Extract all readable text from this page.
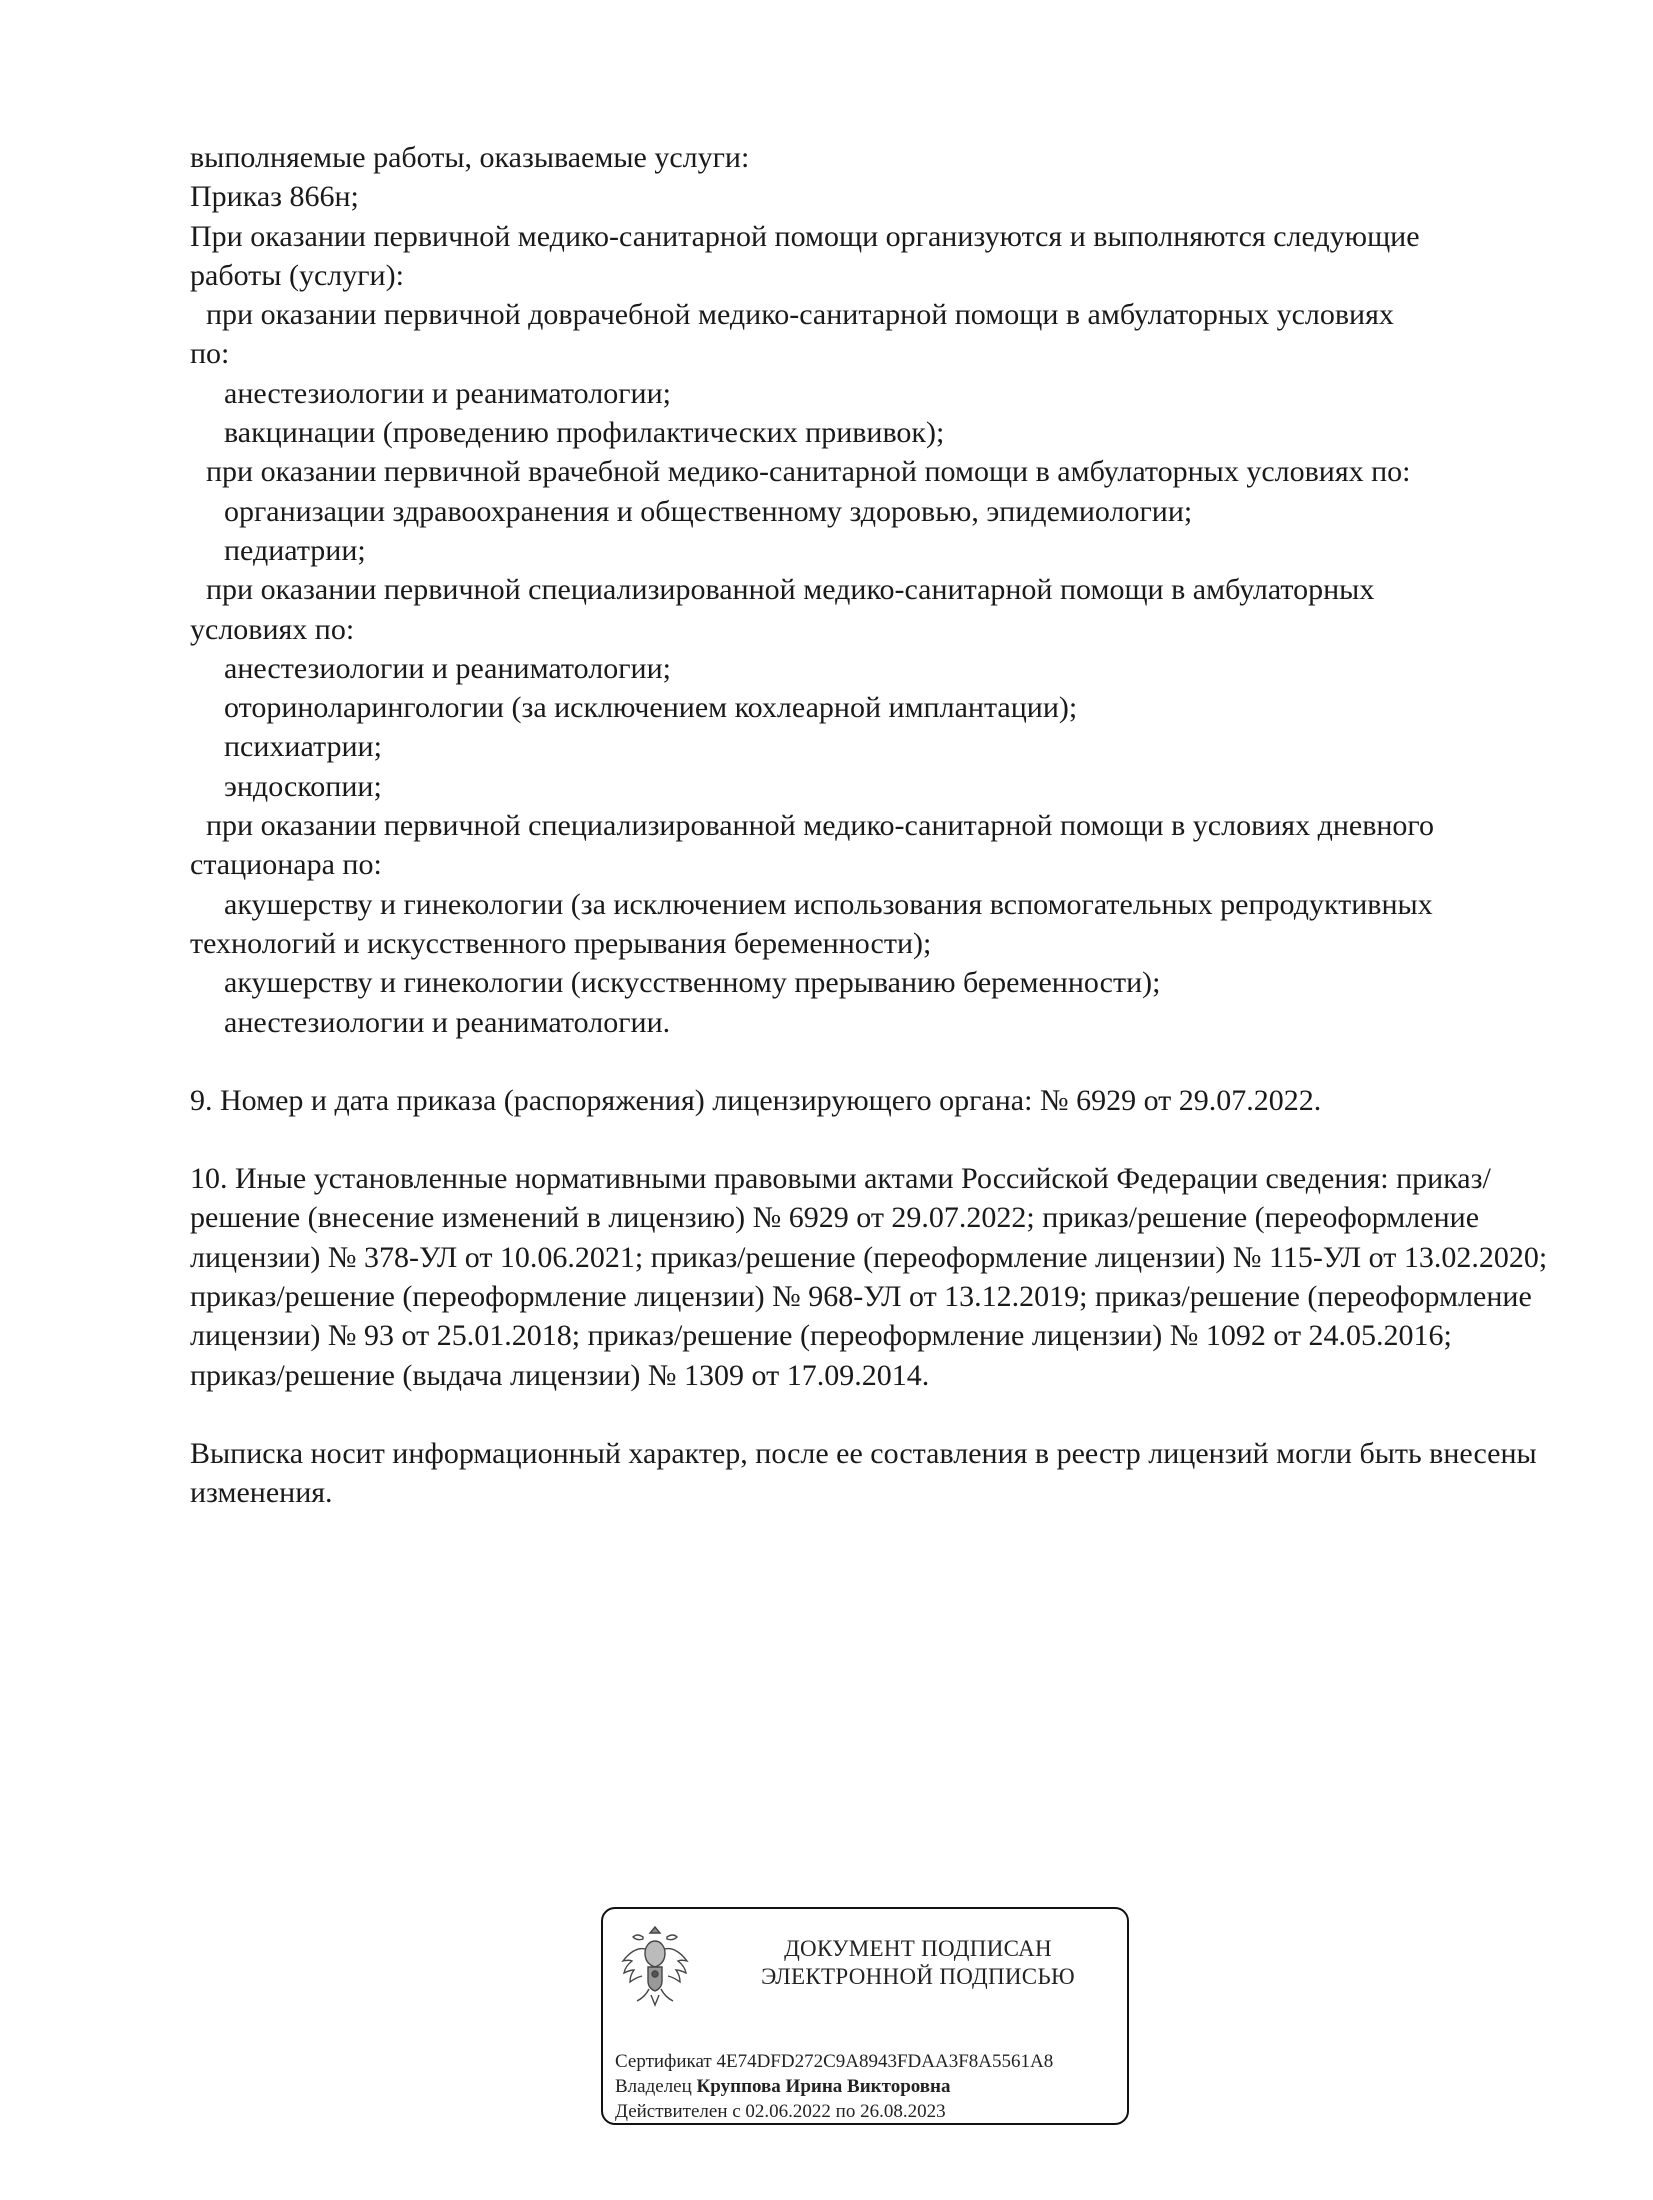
выполняемые работы, оказываемые услуги:
Приказ 866н;
При оказании первичной медико-санитарной помощи организуются и выполняются следующие
работы (услуги):
при оказании первичной доврачебной медико-санитарной помощи в амбулаторных условиях
по:
анестезиологии и реаниматологии;
вакцинации (проведению профилактических прививок);
при оказании первичной врачебной медико-санитарной помощи в амбулаторных условиях по:
организации здравоохранения и общественному здоровью, эпидемиологии;
педиатрии;
при оказании первичной специализированной медико-санитарной помощи в амбулаторных
условиях по:
анестезиологии и реаниматологии;
оториноларингологии (за исключением кохлеарной имплантации);
психиатрии;
эндоскопии;
при оказании первичной специализированной медико-санитарной помощи в условиях дневного
стационара по:
акушерству и гинекологии (за исключением использования вспомогательных репродуктивных
технологий и искусственного прерывания беременности);
акушерству и гинекологии (искусственному прерыванию беременности);
анестезиологии и реаниматологии.
9. Номер и дата приказа (распоряжения) лицензирующего органа: № 6929 от 29.07.2022.
10. Иные установленные нормативными правовыми актами Российской Федерации сведения: приказ/решение (внесение изменений в лицензию) № 6929 от 29.07.2022; приказ/решение (переоформление лицензии) № 378-УЛ от 10.06.2021; приказ/решение (переоформление лицензии) № 115-УЛ от 13.02.2020; приказ/решение (переоформление лицензии) № 968-УЛ от 13.12.2019; приказ/решение (переоформление лицензии) № 93 от 25.01.2018; приказ/решение (переоформление лицензии) № 1092 от 24.05.2016; приказ/решение (выдача лицензии) № 1309 от 17.09.2014.
Выписка носит информационный характер, после ее составления в реестр лицензий могли быть внесены изменения.
ДОКУМЕНТ ПОДПИСАН
ЭЛЕКТРОННОЙ ПОДПИСЬЮ
Сертификат 4E74DFD272C9A8943FDAA3F8A5561A8
Владелец Круппова Ирина Викторовна
Действителен с 02.06.2022 по 26.08.2023
